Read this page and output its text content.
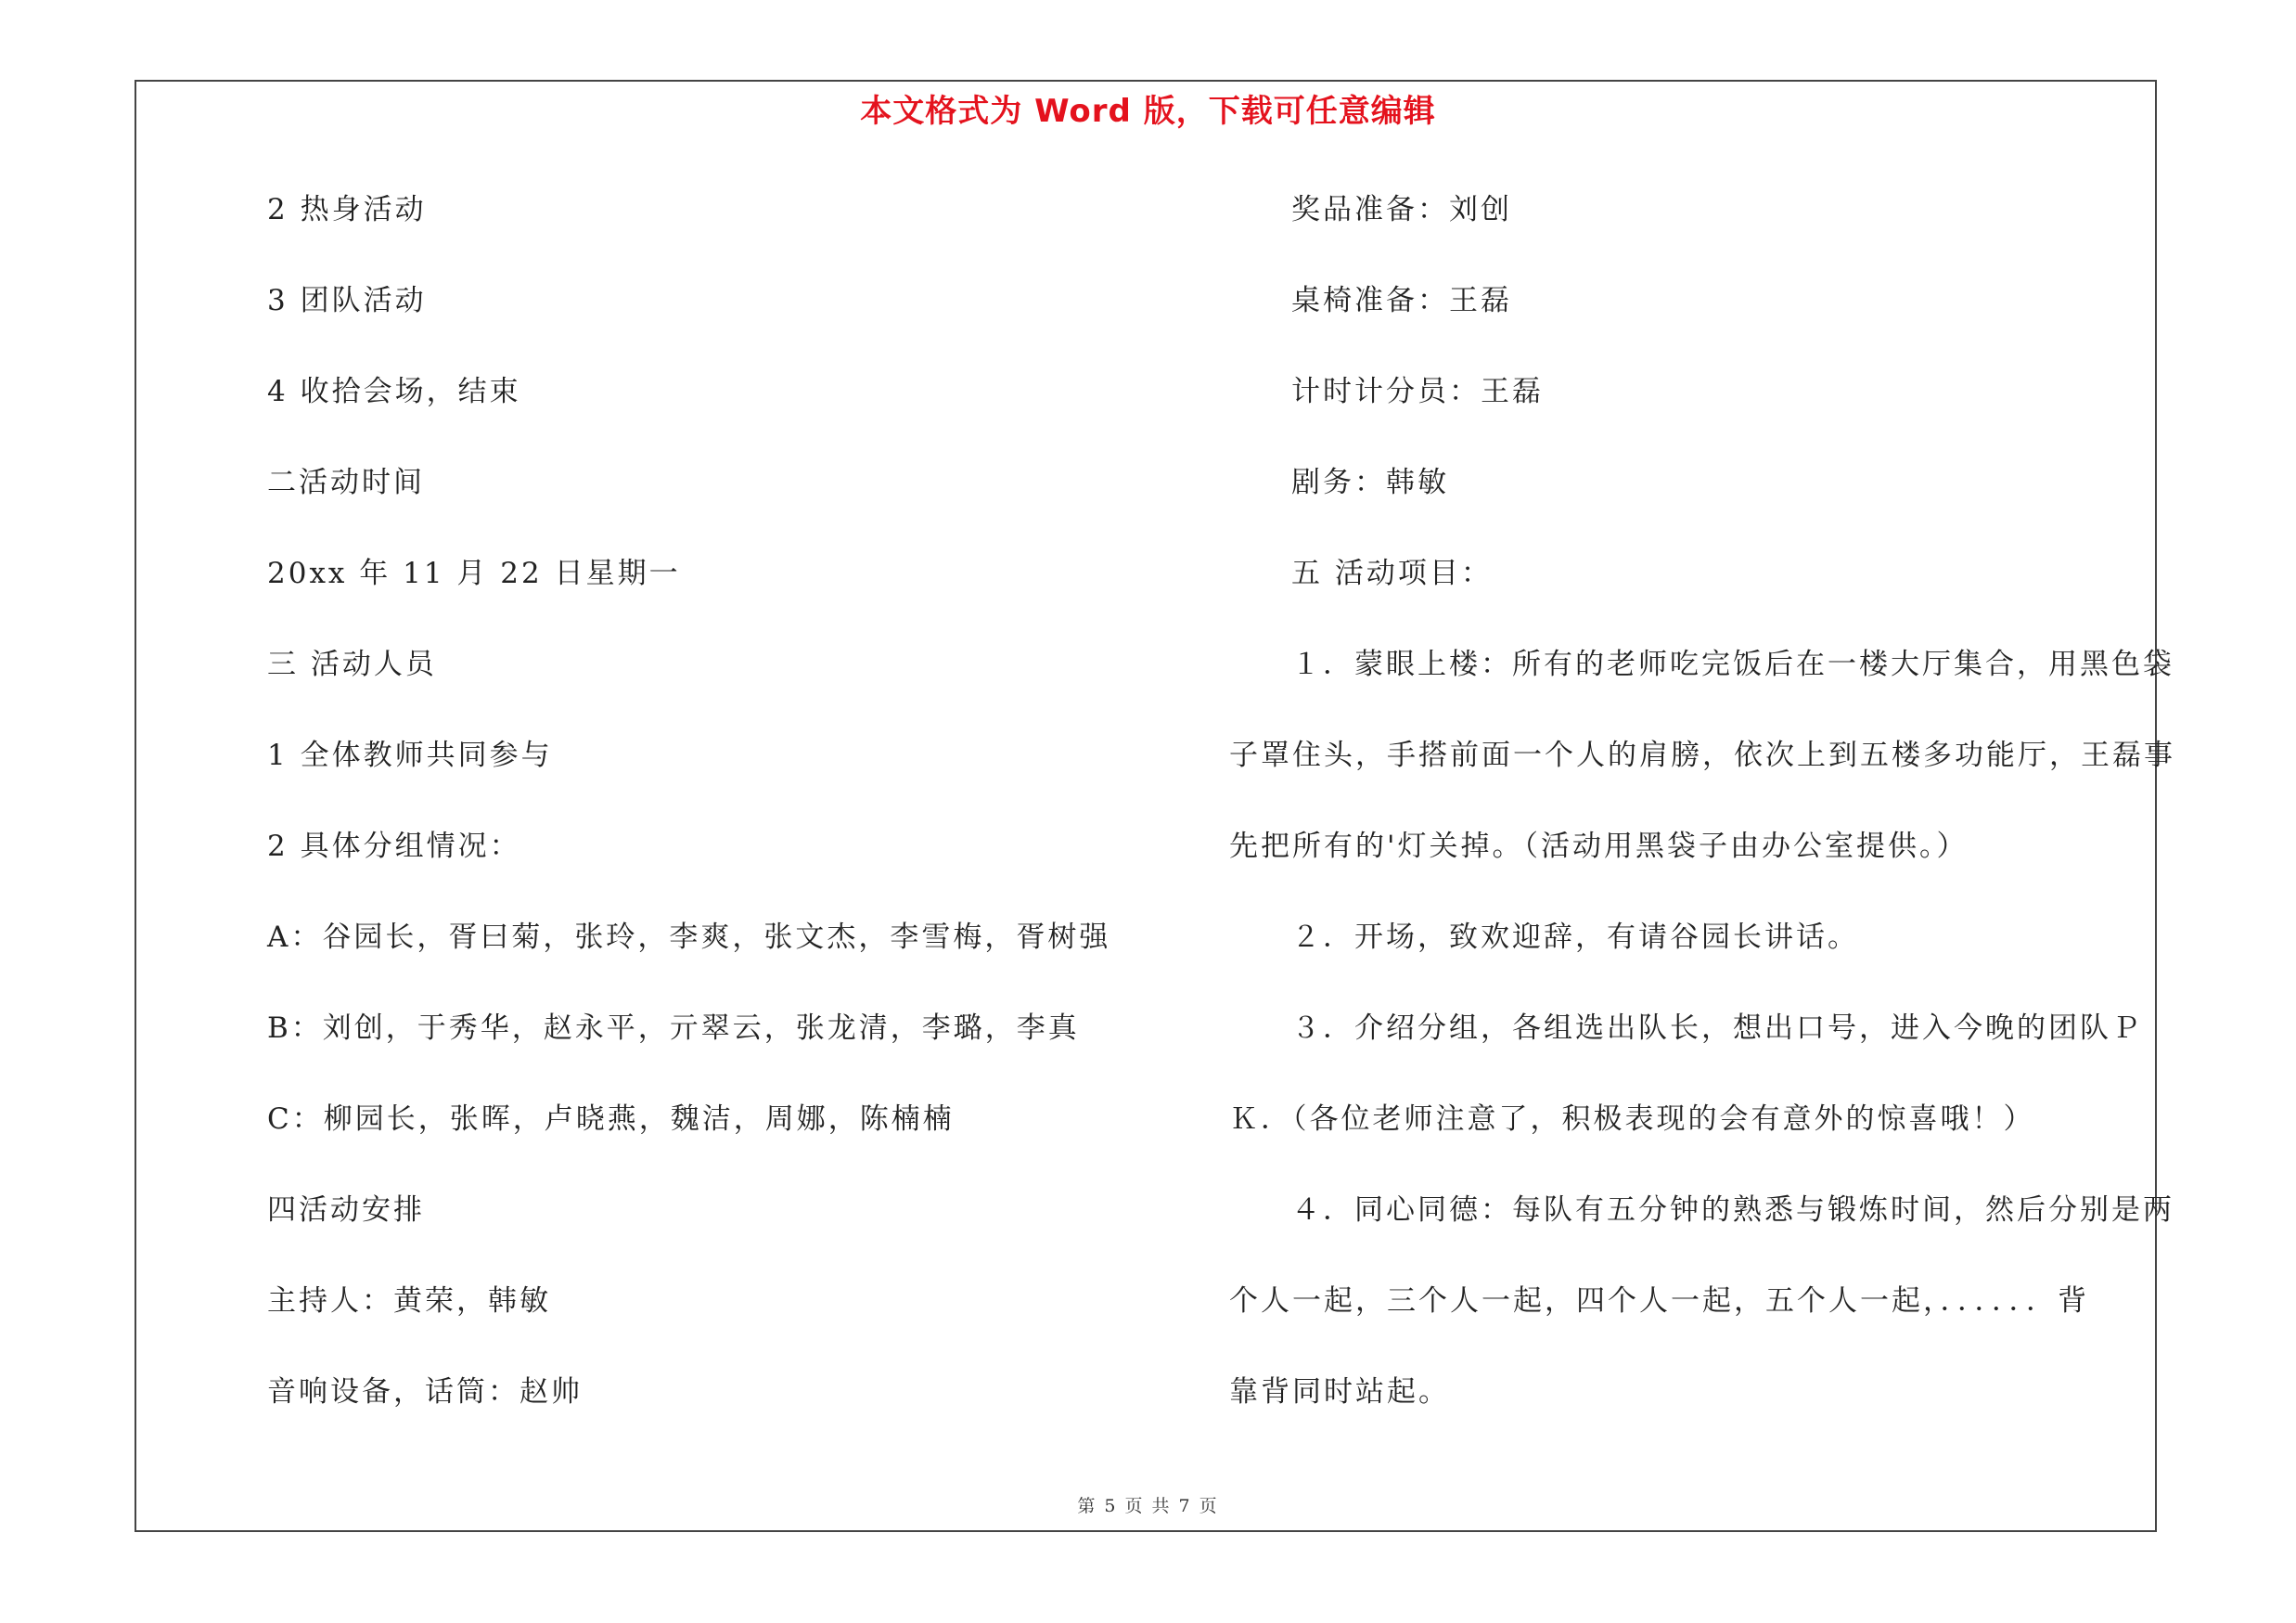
本文格式为 Word 版，下载可任意编辑
2 热身活动
3 团队活动
4 收拾会场，结束
二活动时间
20xx 年 11 月 22 日星期一
三 活动人员
1 全体教师共同参与
2 具体分组情况：
A：谷园长，胥曰菊，张玲，李爽，张文杰，李雪梅，胥树强
B：刘创，于秀华，赵永平，亓翠云，张龙清，李璐，李真
C：柳园长，张晖，卢晓燕，魏洁，周娜，陈楠楠
四活动安排
主持人：黄荣，韩敏
音响设备，话筒：赵帅
奖品准备：刘创
桌椅准备：王磊
计时计分员：王磊
剧务：韩敏
五 活动项目：
１．蒙眼上楼：所有的老师吃完饭后在一楼大厅集合，用黑色袋
子罩住头，手搭前面一个人的肩膀，依次上到五楼多功能厅，王磊事
先把所有的'灯关掉。（活动用黑袋子由办公室提供。）
２．开场，致欢迎辞，有请谷园长讲话。
３．介绍分组，各组选出队长，想出口号，进入今晚的团队Ｐ
Ｋ．（各位老师注意了，积极表现的会有意外的惊喜哦！）
４．同心同德：每队有五分钟的熟悉与锻炼时间，然后分别是两
个人一起，三个人一起，四个人一起，五个人一起，．．．．．．背
靠背同时站起。
第 5 页 共 7 页
